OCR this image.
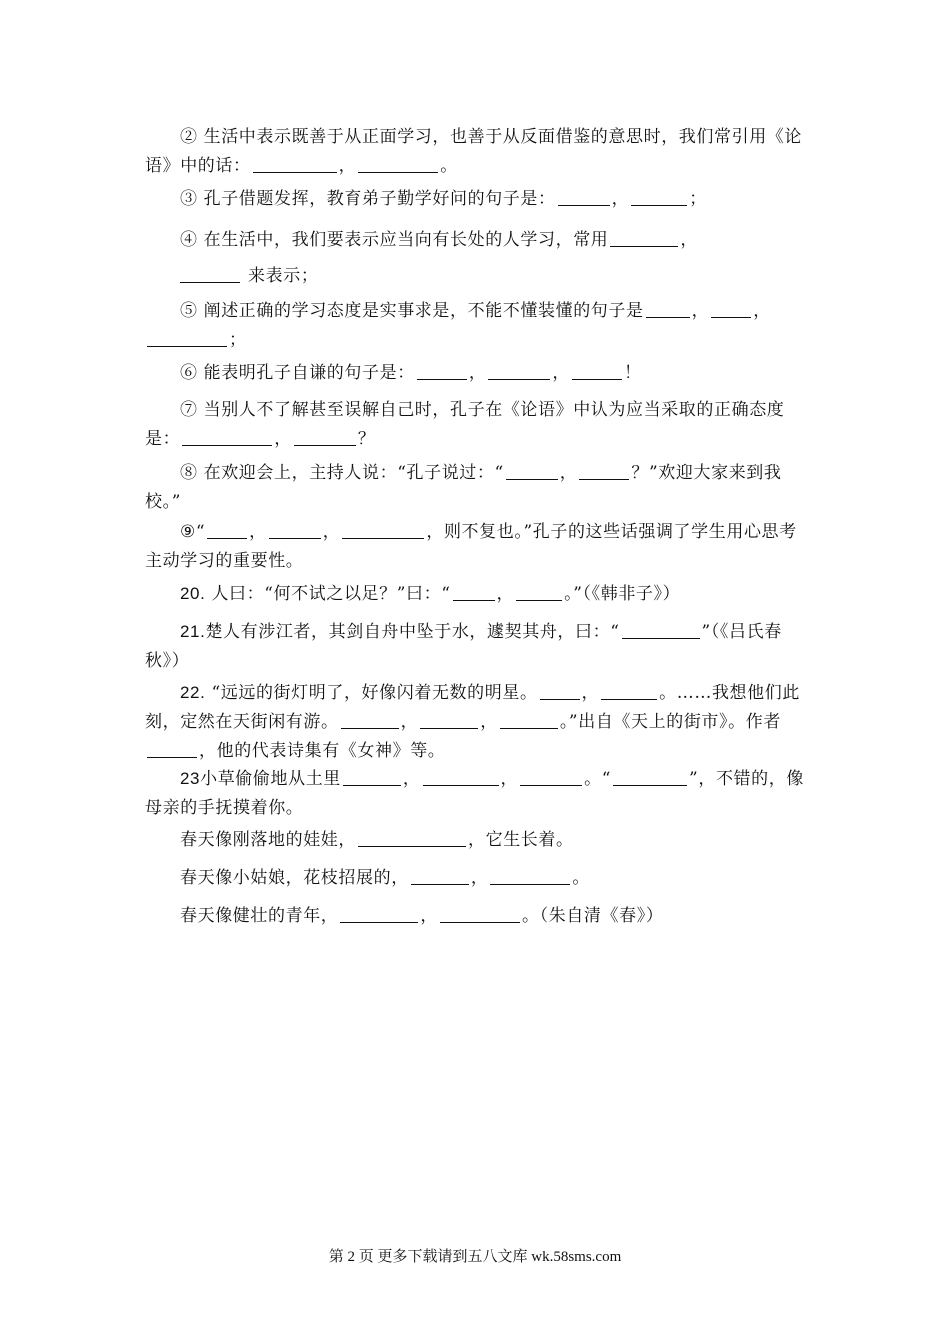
② 生活中表示既善于从正面学习，也善于从反面借鉴的意思时，我们常引用《论语》中的话：	，	。

③ 孔子借题发挥，教育弟子勤学好问的句子是：	，	；

④ 在生活中，我们要表示应当向有长处的人学习，常用	，

来表示；

⑤ 阐述正确的学习态度是实事求是，不能不懂装懂的句子是	，	，；

⑥ 能表明孔子自谦的句子是：	，	，	！

⑦ 当别人不了解甚至误解自己时，孔子在《论语》中认为应当采取的正确态度是：	，	？

⑧ 在欢迎会上，主持人说：“孔子说过：“	，	？”欢迎大家来到我校。”

⑨“	，	，	，则不复也。”孔子的这些话强调了学生用心思考主动学习的重要性。

20. 人曰：“何不试之以足？”曰：“	，	。”（《韩非子》）

21.楚人有涉江者，其剑自舟中坠于水，遽契其舟，曰：“	”（《吕氏春秋》）

22. “远远的街灯明了，好像闪着无数的明星。	，	。……我想他们此刻，定然在天街闲有游。	，	，	。”出自《天上的街市》。作者，他的代表诗集有《女神》等。

23小草偷偷地从土里	，	，	。“	”，不错的，像母亲的手抚摸着你。

春天像刚落地的娃娃，	，它生长着。

春天像小姑娘，花枝招展的，	，	。

春天像健壮的青年，	，	。（朱自清《春》）

第 2 页 更多下载请到五八文库 wk.58sms.com
